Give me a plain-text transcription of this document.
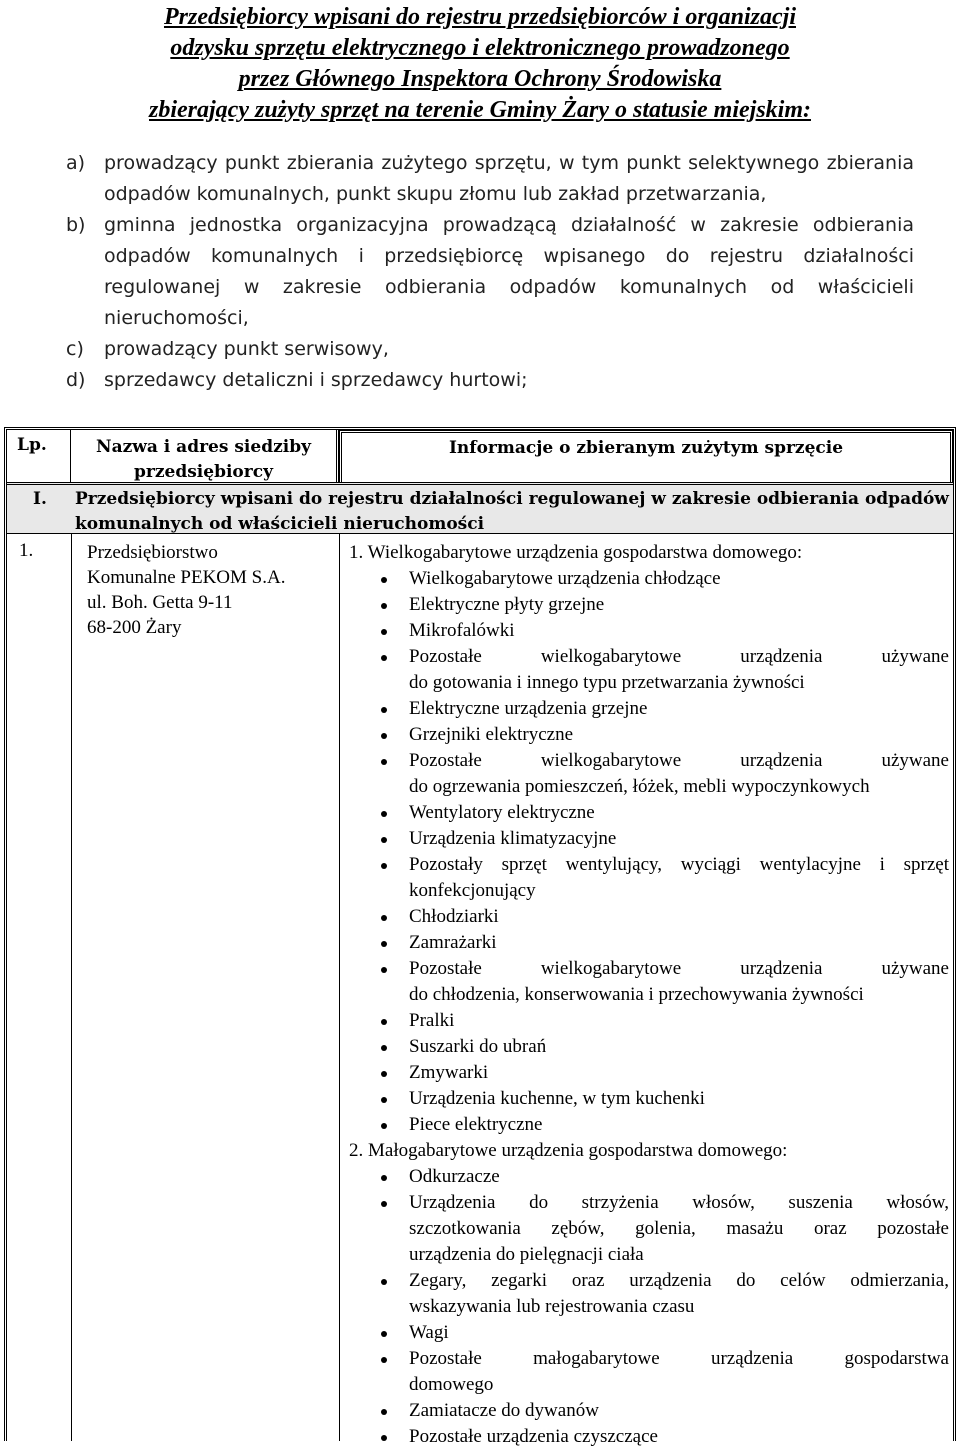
Przedsiębiorcy wpisani do rejestru przedsiębiorców i organizacji
odzysku sprzętu elektrycznego i elektronicznego prowadzonego
przez Głównego Inspektora Ochrony Środowiska
zbierający zużyty sprzęt na terenie Gminy Żary o statusie miejskim:
a) prowadzący punkt zbierania zużytego sprzętu, w tym punkt selektywnego zbierania
odpadów komunalnych, punkt skupu złomu lub zakład przetwarzania,
b) gminna jednostka organizacyjna prowadzącą działalność w zakresie odbierania
odpadów komunalnych i przedsiębiorcę wpisanego do rejestru działalności
regulowanej w zakresie odbierania odpadów komunalnych od właścicieli
nieruchomości,
c) prowadzący punkt serwisowy,
d) sprzedawcy detaliczni i sprzedawcy hurtowi;
Lp.	Nazwa i adres siedziby
przedsiębiorcy
Informacje o zbieranym zużytym sprzęcie
I. Przedsiębiorcy wpisani do rejestru działalności regulowanej w zakresie odbierania odpadów
komunalnych od właścicieli nieruchomości
1.	Przedsiębiorstwo
Komunalne PEKOM S.A.
ul. Boh. Getta 9-11
68-200 Żary
1. Wielkogabarytowe urządzenia gospodarstwa domowego:
Wielkogabarytowe urządzenia chłodzące
Elektryczne płyty grzejne
Mikrofalówki
Pozostałe wielkogabarytowe urządzenia używane
do gotowania i innego typu przetwarzania żywności
Elektryczne urządzenia grzejne
Grzejniki elektryczne
Pozostałe wielkogabarytowe urządzenia używane
do ogrzewania pomieszczeń, łóżek, mebli wypoczynkowych
Wentylatory elektryczne
Urządzenia klimatyzacyjne
Pozostały sprzęt wentylujący, wyciągi wentylacyjne i sprzęt
konfekcjonujący
Chłodziarki
Zamrażarki
Pozostałe wielkogabarytowe urządzenia używane
do chłodzenia, konserwowania i przechowywania żywności
Pralki
Suszarki do ubrań
Zmywarki
Urządzenia kuchenne, w tym kuchenki
Piece elektryczne
2. Małogabarytowe urządzenia gospodarstwa domowego:
Odkurzacze
Urządzenia do strzyżenia włosów, suszenia włosów,
szczotkowania zębów, golenia, masażu oraz pozostałe
urządzenia do pielęgnacji ciała
Zegary, zegarki oraz urządzenia do celów odmierzania,
wskazywania lub rejestrowania czasu
Wagi
Pozostałe małogabarytowe urządzenia gospodarstwa
domowego
Zamiatacze do dywanów
Pozostałe urządzenia czyszczące
